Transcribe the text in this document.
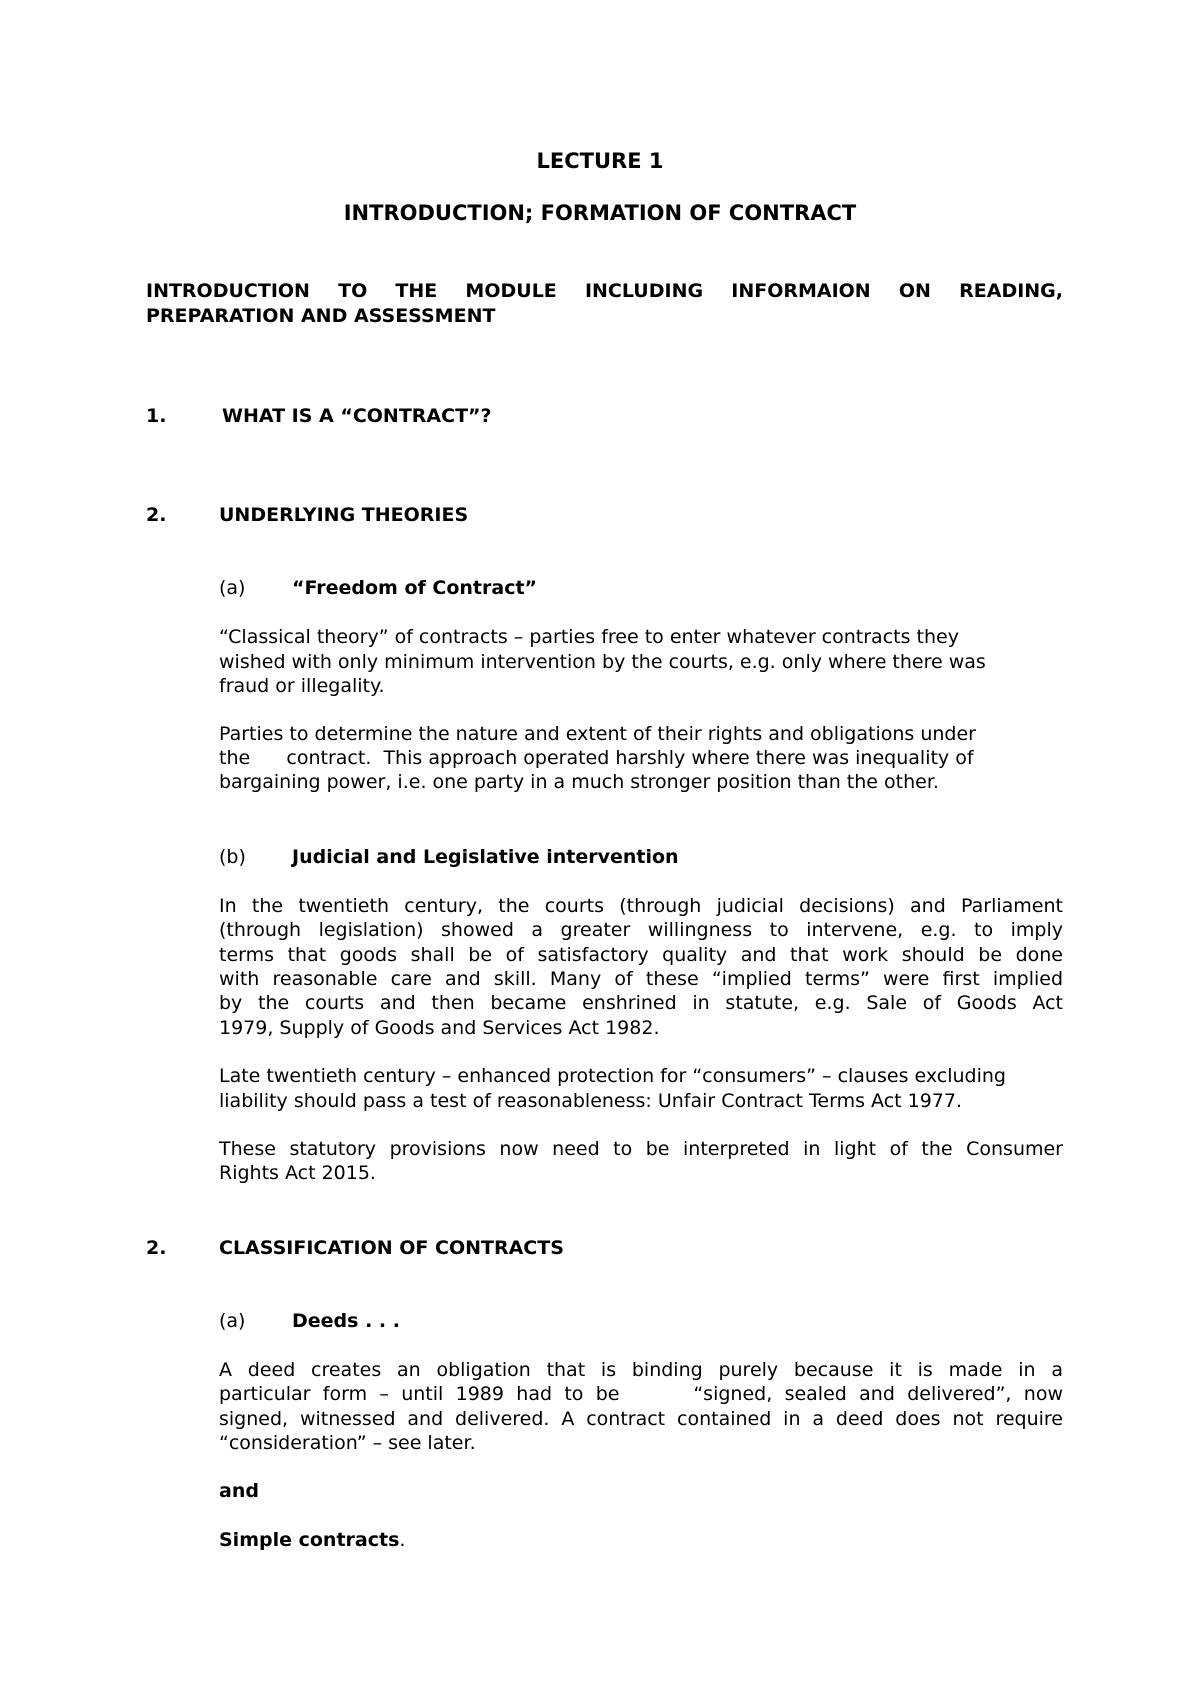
LECTURE 1
INTRODUCTION; FORMATION OF CONTRACT
INTRODUCTION TO THE MODULE INCLUDING INFORMAION ON READING,
PREPARATION AND ASSESSMENT
1.	WHAT IS A “CONTRACT”?
2.	UNDERLYING THEORIES
(a) “Freedom of Contract”
“Classical theory” of contracts – parties free to enter whatever contracts they
wished with only minimum intervention by the courts, e.g. only where there was
fraud or illegality.
Parties to determine the nature and extent of their rights and obligations under
the      contract.  This approach operated harshly where there was inequality of
bargaining power, i.e. one party in a much stronger position than the other.
(b) Judicial and Legislative intervention
In the twentieth century, the courts (through judicial decisions) and Parliament
(through legislation) showed a greater willingness to intervene, e.g. to imply
terms that goods shall be of satisfactory quality and that work should be done
with reasonable care and skill. Many of these “implied terms” were first implied
by the courts and then became enshrined in statute, e.g. Sale of Goods Act
1979, Supply of Goods and Services Act 1982.
Late twentieth century – enhanced protection for “consumers” – clauses excluding
liability should pass a test of reasonableness: Unfair Contract Terms Act 1977.
These statutory provisions now need to be interpreted in light of the Consumer
Rights Act 2015.
2.	CLASSIFICATION OF CONTRACTS
(a) Deeds . . .
A deed creates an obligation that is binding purely because it is made in a
particular form – until 1989 had to be      “signed, sealed and delivered”, now
signed, witnessed and delivered. A contract contained in a deed does not require
“consideration” – see later.
and
Simple contracts.
